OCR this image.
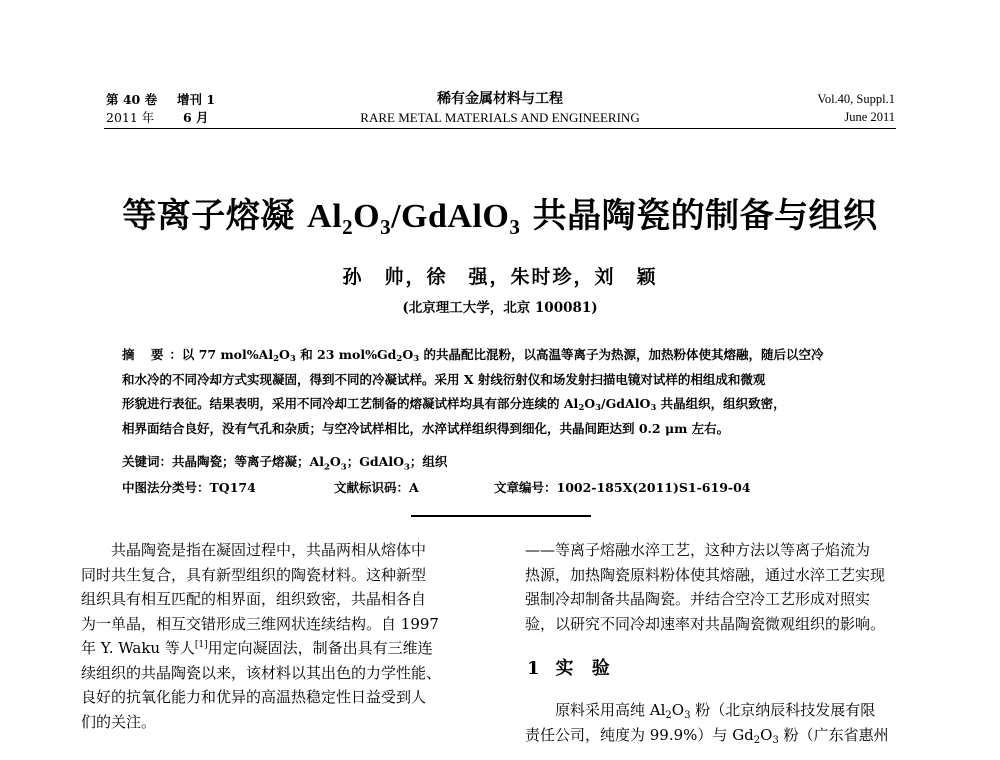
第 40 卷 增刊 1
2011 年 6 月
稀有金属材料与工程
RARE METAL MATERIALS AND ENGINEERING
Vol.40, Suppl.1
June 2011
等离子熔凝 $Al_2O_3/GdAlO_3$ 共晶陶瓷的制备与组织
孙　帅，徐　强，朱时珍，刘　颖
(北京理工大学，北京 100081)
摘 要：以 77 $mol\%Al_2O_3$ 和 23 $mol\%Gd_2O_3$ 的共晶配比混粉，以高温等离子为热源，加热粉体使其熔融，随后以空冷
和水冷的不同冷却方式实现凝固，得到不同的冷凝试样。采用 X 射线衍射仪和场发射扫描电镜对试样的相组成和微观
形貌进行表征。结果表明，采用不同冷却工艺制备的熔凝试样均具有部分连续的 $Al_2O_3/GdAlO_3$ 共晶组织，组织致密，
相界面结合良好，没有气孔和杂质；与空冷试样相比，水淬试样组织得到细化，共晶间距达到 0.2 μm 左右。
关键词：共晶陶瓷；等离子熔凝；$Al_2O_3$；GdAlO$_3$；组织
中图法分类号：TQ174	文献标识码：A	文章编号：1002-185X(2011)S1-619-04
　　共晶陶瓷是指在凝固过程中，共晶两相从熔体中
同时共生复合，具有新型组织的陶瓷材料。这种新型
组织具有相互匹配的相界面，组织致密，共晶相各自
为一单晶，相互交错形成三维网状连续结构。自 1997
年 Y. Waku 等人[1]用定向凝固法，制备出具有三维连
续组织的共晶陶瓷以来，该材料以其出色的力学性能、
良好的抗氧化能力和优异的高温热稳定性日益受到人
们的关注。
——等离子熔融水淬工艺，这种方法以等离子焰流为
热源，加热陶瓷原料粉体使其熔融，通过水淬工艺实现
强制冷却制备共晶陶瓷。并结合空冷工艺形成对照实
验，以研究不同冷却速率对共晶陶瓷微观组织的影响。
1 实 验
　　原料采用高纯 $Al_2O_3$ 粉（北京纳辰科技发展有限
责任公司，纯度为 99.9%）与 $Gd_2O_3$ 粉（广东省惠州
